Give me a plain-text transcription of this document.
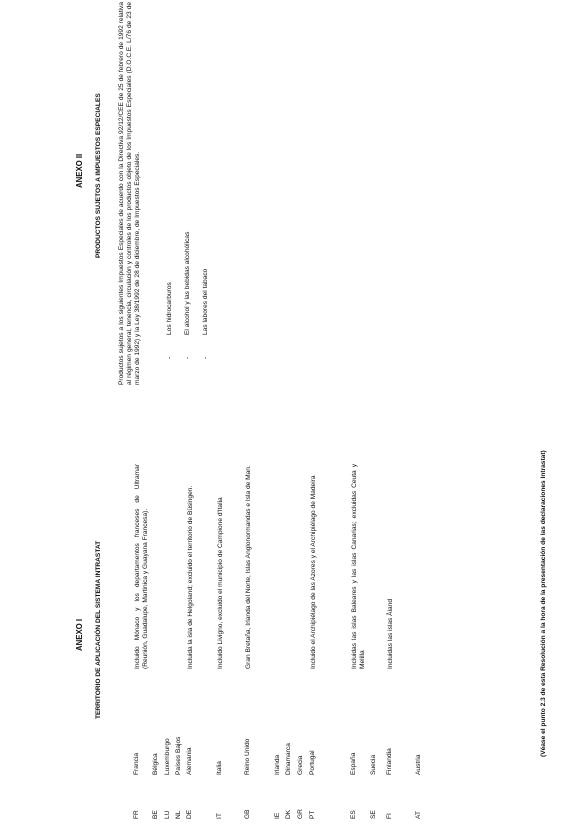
ANEXO I TERRITORIO DE APLICACIÓN DEL SISTEMA INTRASTAT
FR
Francia
Incluido Mónaco y los departamentos franceses de Ultramar (Reunión, Guadalupe, Martinica y Guayana Francesa).
BE
Bélgica
LU
Luxemburgo
NL
Países Bajos
DE
Alemania
Incluida la isla de Helgoland; excluido el territorio de Büsingen.
IT
Italia
Incluido Livigno, excluido el municipio de Campione d'Italia
GB
Reino Unido
Gran Bretaña, Irlanda del Norte, Islas Anglonormandas e Isla de Man.
IE
Irlanda
DK
Dinamarca
GR
Grecia
PT
Portugal
Incluido el Archipiélago de las Azores y el Archipiélago de Madeira
ES
España
Incluidas las islas Baleares y las islas Canarias; excluidas Ceuta y Melilla
SE
Suecia
FI
Finlandia
Incluidas las islas Åland
AT
Austria
(Véase el punto 2.3 de esta Resolución a la hora de la presentación de las declaraciones Intrastat)
ANEXO II PRODUCTOS SUJETOS A IMPUESTOS ESPECIALES Productos sujetos a los siguientes Impuestos Especiales de acuerdo con la Directiva 92/12/CEE de 25 de febrero de 1992 relativa al régimen general, tenencia, circulación y controles de los productos objeto de los Impuestos Especiales (D.O.C.E. L/76 de 23 de marzo de 1992) y la Ley 38/1992 de 28 de diciembre, de Impuestos Especiales.	-
Los hidrocarburos
-
El alcohol y las bebidas alcohólicas
-
Las labores del tabaco
